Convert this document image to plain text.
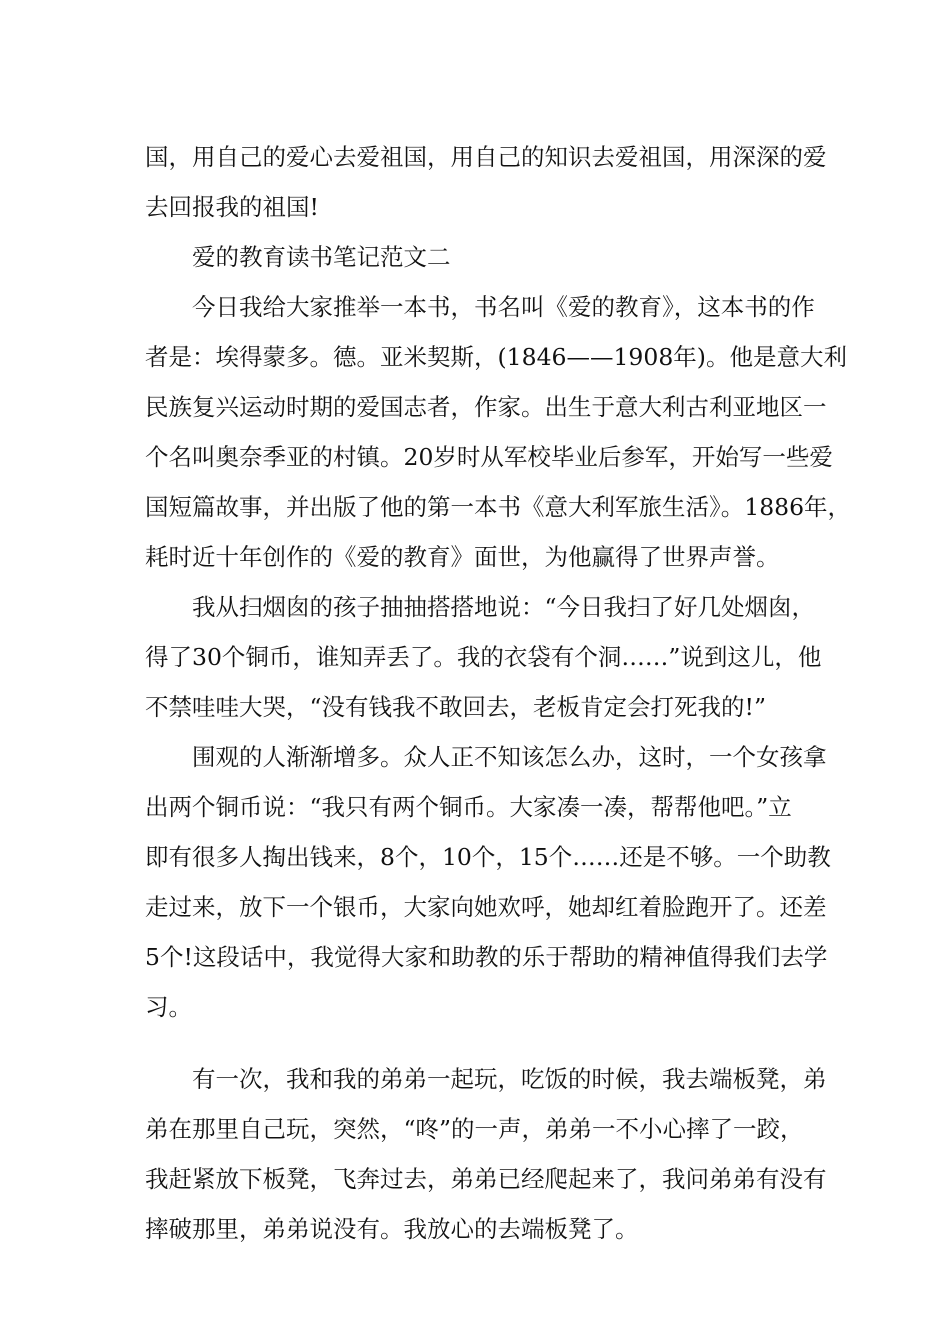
国，用自己的爱心去爱祖国，用自己的知识去爱祖国，用深深的爱
去回报我的祖国!
　　爱的教育读书笔记范文二
　　今日我给大家推举一本书，书名叫《爱的教育》，这本书的作
者是：埃得蒙多。德。亚米契斯，(1846——1908年)。他是意大利
民族复兴运动时期的爱国志者，作家。出生于意大利古利亚地区一
个名叫奥奈季亚的村镇。20岁时从军校毕业后参军，开始写一些爱
国短篇故事，并出版了他的第一本书《意大利军旅生活》。1886年，
耗时近十年创作的《爱的教育》面世，为他赢得了世界声誉。
　　我从扫烟囱的孩子抽抽搭搭地说：“今日我扫了好几处烟囱，
得了30个铜币，谁知弄丢了。我的衣袋有个洞……”说到这儿，他
不禁哇哇大哭，“没有钱我不敢回去，老板肯定会打死我的!”
　　围观的人渐渐增多。众人正不知该怎么办，这时，一个女孩拿
出两个铜币说：“我只有两个铜币。大家凑一凑，帮帮他吧。”立
即有很多人掏出钱来，8个，10个，15个……还是不够。一个助教
走过来，放下一个银币，大家向她欢呼，她却红着脸跑开了。还差
5个!这段话中，我觉得大家和助教的乐于帮助的精神值得我们去学
习。
　　有一次，我和我的弟弟一起玩，吃饭的时候，我去端板凳，弟
弟在那里自己玩，突然，“咚”的一声，弟弟一不小心摔了一跤，
我赶紧放下板凳，飞奔过去，弟弟已经爬起来了，我问弟弟有没有
摔破那里，弟弟说没有。我放心的去端板凳了。
